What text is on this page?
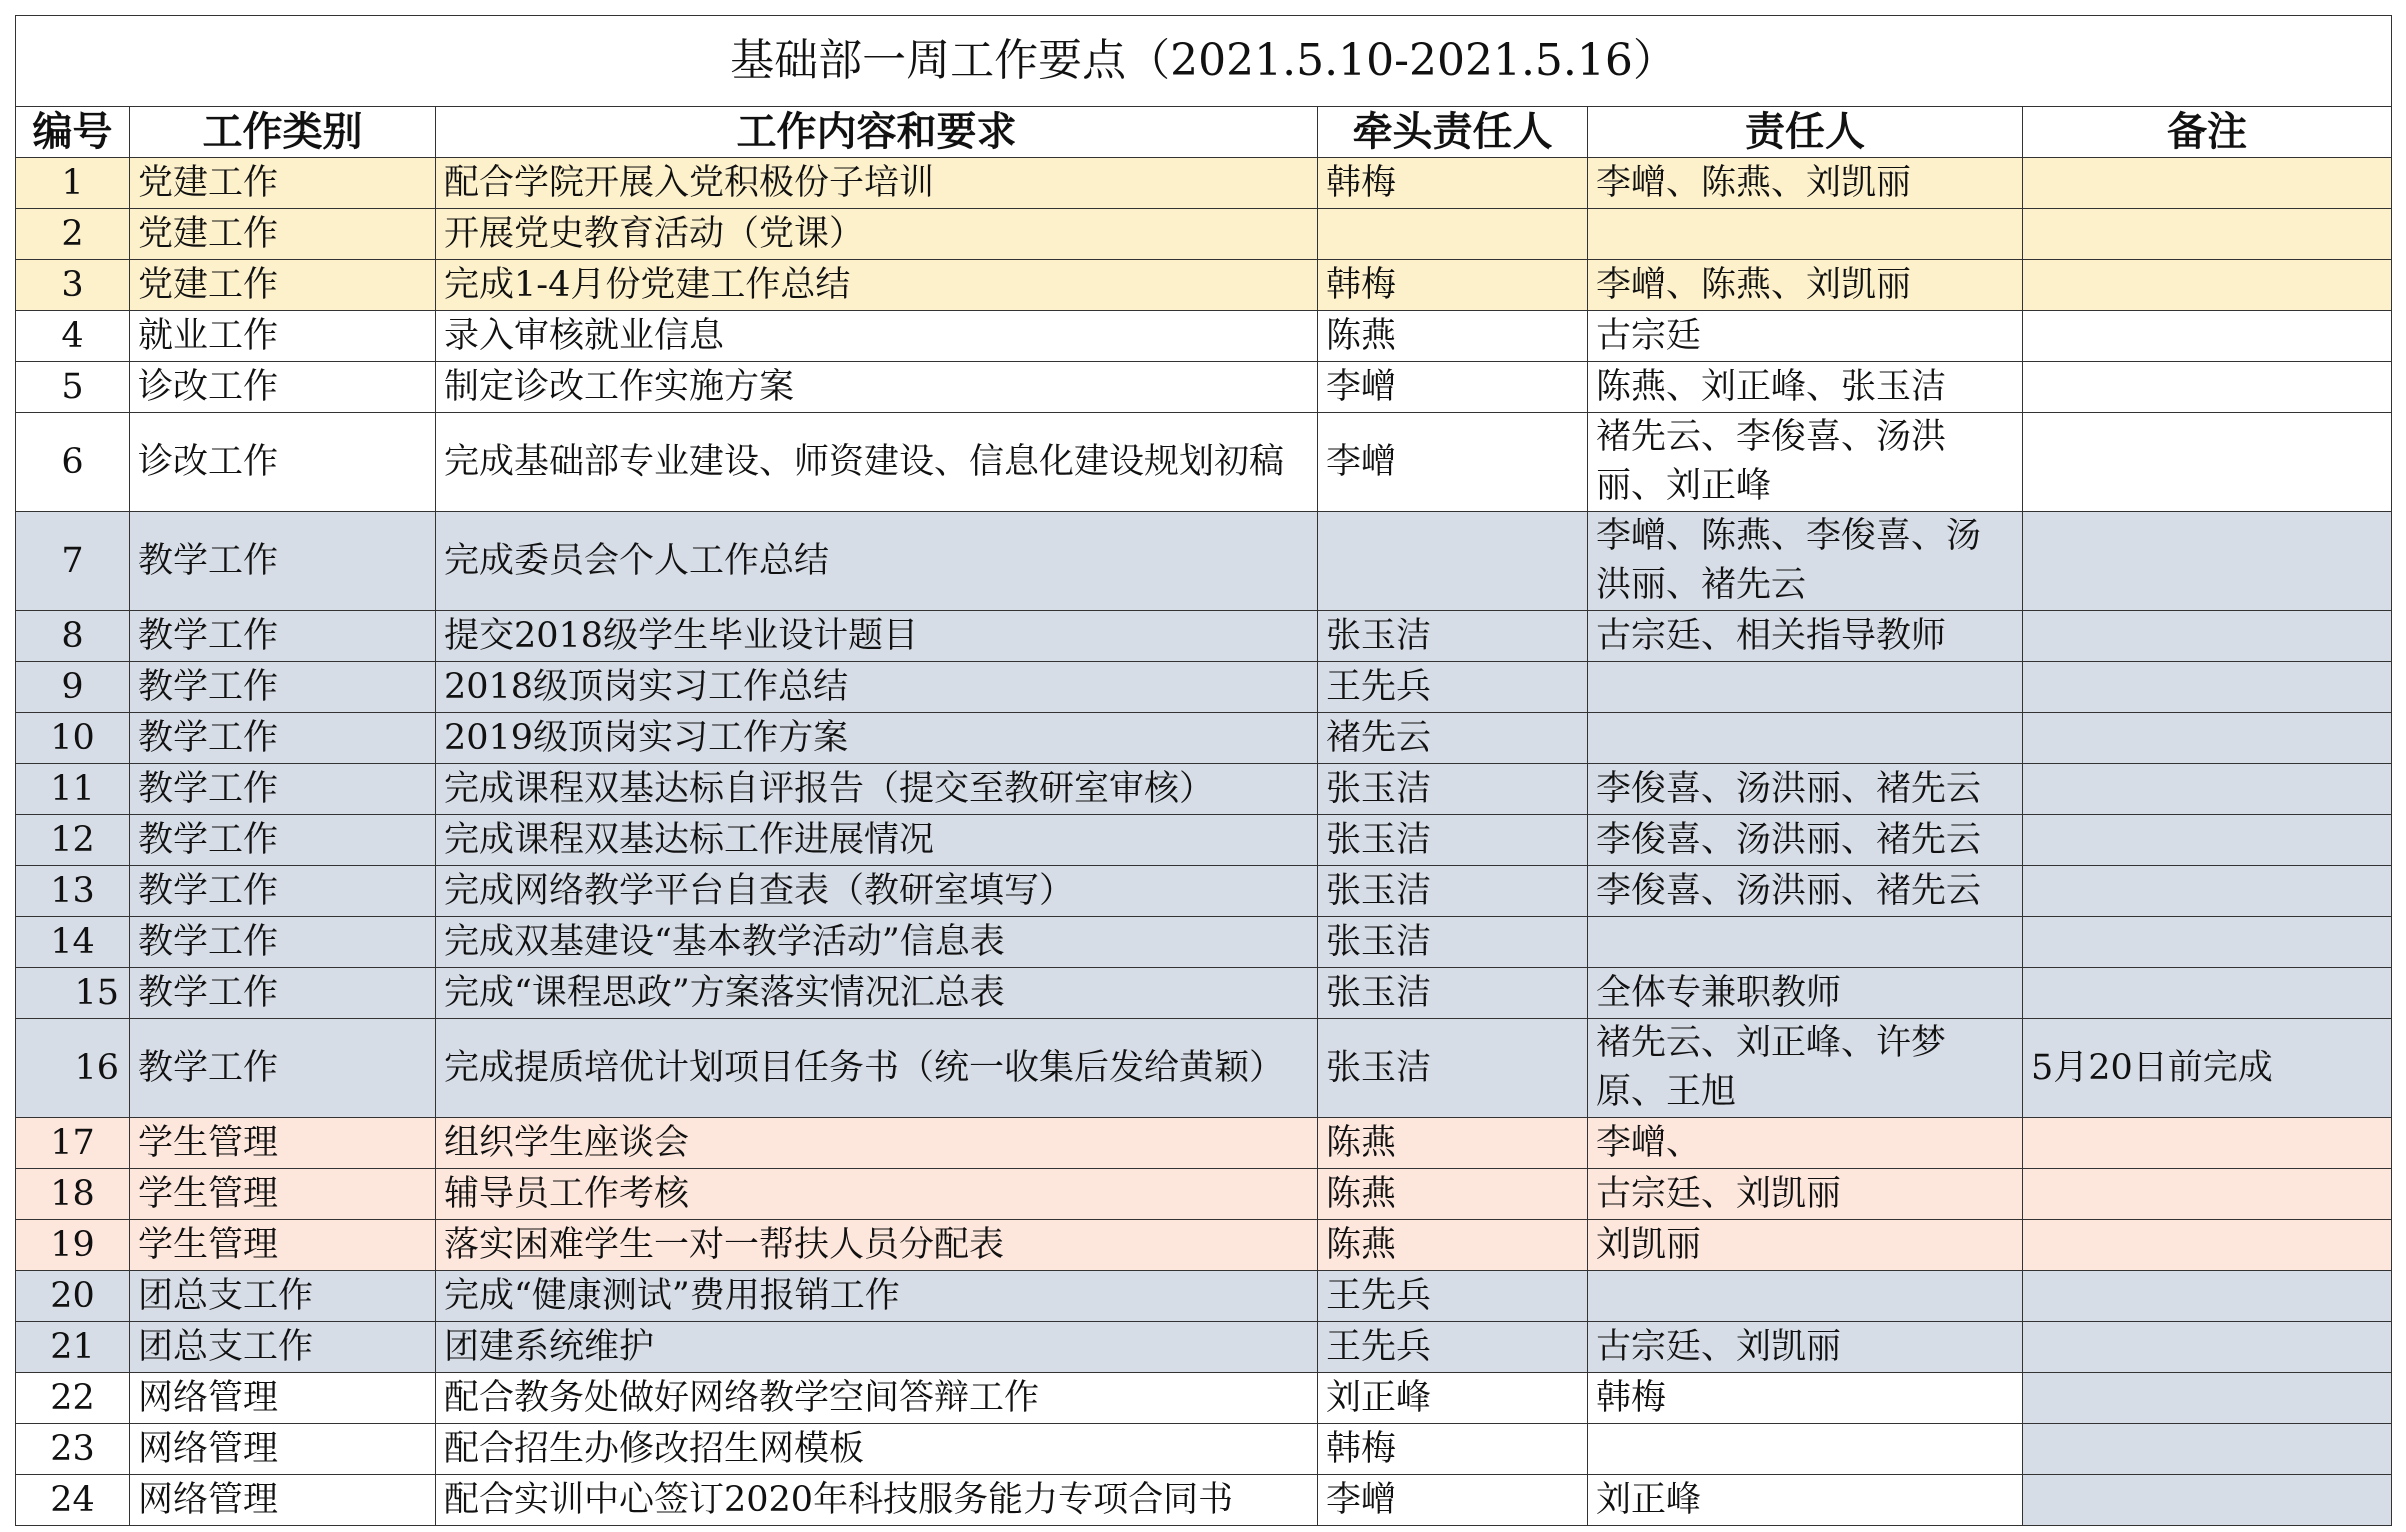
基础部一周工作要点（2021.5.10-2021.5.16）					
编号	工作类别	工作内容和要求	牵头责任人	责任人	备注
1	党建工作	配合学院开展入党积极份子培训	韩梅	李嶒、陈燕、刘凯丽	
2	党建工作	开展党史教育活动（党课）			
3	党建工作	完成1-4月份党建工作总结	韩梅	李嶒、陈燕、刘凯丽	
4	就业工作	录入审核就业信息	陈燕	古宗廷	
5	诊改工作	制定诊改工作实施方案	李嶒	陈燕、刘正峰、张玉洁	
6	诊改工作	完成基础部专业建设、师资建设、信息化建设规划初稿	李嶒	褚先云、李俊喜、汤洪丽、刘正峰	
7	教学工作	完成委员会个人工作总结		李嶒、陈燕、李俊喜、汤洪丽、褚先云	
8	教学工作	提交2018级学生毕业设计题目	张玉洁	古宗廷、相关指导教师	
9	教学工作	2018级顶岗实习工作总结	王先兵		
10	教学工作	2019级顶岗实习工作方案	褚先云		
11	教学工作	完成课程双基达标自评报告（提交至教研室审核）	张玉洁	李俊喜、汤洪丽、褚先云	
12	教学工作	完成课程双基达标工作进展情况	张玉洁	李俊喜、汤洪丽、褚先云	
13	教学工作	完成网络教学平台自查表（教研室填写）	张玉洁	李俊喜、汤洪丽、褚先云	
14	教学工作	完成双基建设“基本教学活动”信息表	张玉洁		
15	教学工作	完成“课程思政”方案落实情况汇总表	张玉洁	全体专兼职教师	
16	教学工作	完成提质培优计划项目任务书（统一收集后发给黄颖）	张玉洁	褚先云、刘正峰、许梦原、王旭	5月20日前完成
17	学生管理	组织学生座谈会	陈燕	李嶒、	
18	学生管理	辅导员工作考核	陈燕	古宗廷、刘凯丽	
19	学生管理	落实困难学生一对一帮扶人员分配表	陈燕	刘凯丽	
20	团总支工作	完成“健康测试”费用报销工作	王先兵		
21	团总支工作	团建系统维护	王先兵	古宗廷、刘凯丽	
22	网络管理	配合教务处做好网络教学空间答辩工作	刘正峰	韩梅	
23	网络管理	配合招生办修改招生网模板	韩梅		
24	网络管理	配合实训中心签订2020年科技服务能力专项合同书	李嶒	刘正峰	
